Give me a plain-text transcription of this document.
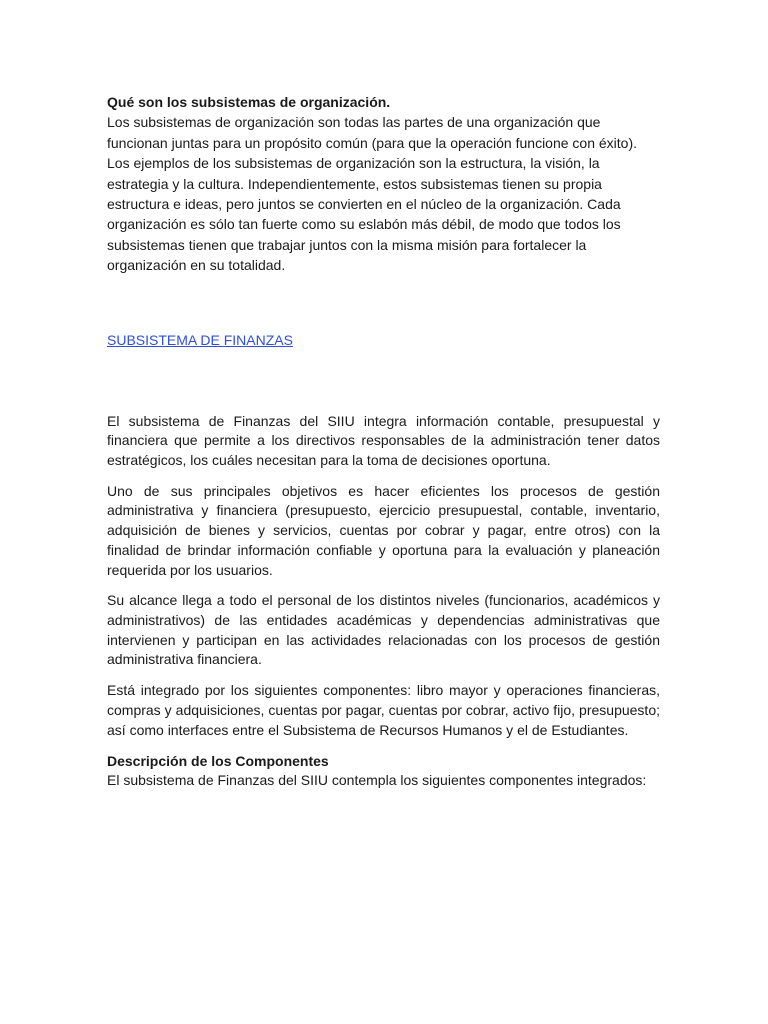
Qué son los subsistemas de organización.

Los subsistemas de organización son todas las partes de una organización que funcionan juntas para un propósito común (para que la operación funcione con éxito). Los ejemplos de los subsistemas de organización son la estructura, la visión, la estrategia y la cultura. Independientemente, estos subsistemas tienen su propia estructura e ideas, pero juntos se convierten en el núcleo de la organización. Cada organización es sólo tan fuerte como su eslabón más débil, de modo que todos los subsistemas tienen que trabajar juntos con la misma misión para fortalecer la organización en su totalidad.

SUBSISTEMA DE FINANZAS

El subsistema de Finanzas del SIIU integra información contable, presupuestal y financiera que permite a los directivos responsables de la administración tener datos estratégicos, los cuáles necesitan para la toma de decisiones oportuna.

Uno de sus principales objetivos es hacer eficientes los procesos de gestión administrativa y financiera (presupuesto, ejercicio presupuestal, contable, inventario, adquisición de bienes y servicios, cuentas por cobrar y pagar, entre otros) con la finalidad de brindar información confiable y oportuna para la evaluación y planeación requerida por los usuarios.

Su alcance llega a todo el personal de los distintos niveles (funcionarios, académicos y administrativos) de las entidades académicas y dependencias administrativas que intervienen y participan en las actividades relacionadas con los procesos de gestión administrativa financiera.

Está integrado por los siguientes componentes: libro mayor y operaciones financieras, compras y adquisiciones, cuentas por pagar, cuentas por cobrar, activo fijo, presupuesto; así como interfaces entre el Subsistema de Recursos Humanos y el de Estudiantes.

Descripción de los Componentes

El subsistema de Finanzas del SIIU contempla los siguientes componentes integrados:
